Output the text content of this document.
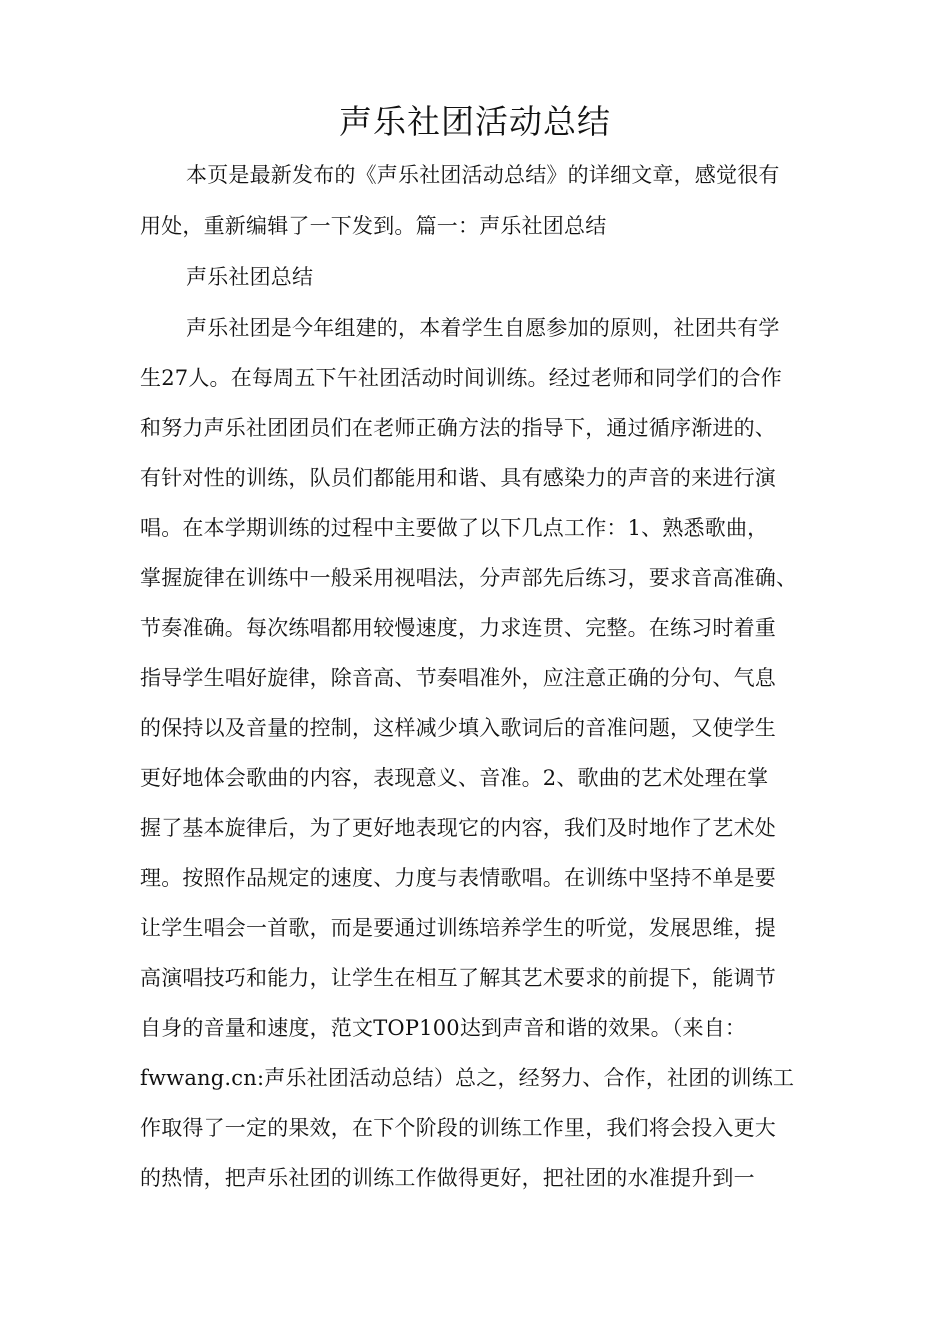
声乐社团活动总结
本页是最新发布的《声乐社团活动总结》的详细文章，感觉很有
用处，重新编辑了一下发到。篇一：声乐社团总结
声乐社团总结
声乐社团是今年组建的，本着学生自愿参加的原则，社团共有学
生27人。在每周五下午社团活动时间训练。经过老师和同学们的合作
和努力声乐社团团员们在老师正确方法的指导下，通过循序渐进的、
有针对性的训练，队员们都能用和谐、具有感染力的声音的来进行演
唱。在本学期训练的过程中主要做了以下几点工作：1、熟悉歌曲，
掌握旋律在训练中一般采用视唱法，分声部先后练习，要求音高准确、
节奏准确。每次练唱都用较慢速度，力求连贯、完整。在练习时着重
指导学生唱好旋律，除音高、节奏唱准外，应注意正确的分句、气息
的保持以及音量的控制，这样减少填入歌词后的音准问题，又使学生
更好地体会歌曲的内容，表现意义、音准。2、歌曲的艺术处理在掌
握了基本旋律后，为了更好地表现它的内容，我们及时地作了艺术处
理。按照作品规定的速度、力度与表情歌唱。在训练中坚持不单是要
让学生唱会一首歌，而是要通过训练培养学生的听觉，发展思维，提
高演唱技巧和能力，让学生在相互了解其艺术要求的前提下，能调节
自身的音量和速度，范文TOP100达到声音和谐的效果。（来自：
fwwang.cn:声乐社团活动总结）总之，经努力、合作，社团的训练工
作取得了一定的果效，在下个阶段的训练工作里，我们将会投入更大
的热情，把声乐社团的训练工作做得更好，把社团的水准提升到一
